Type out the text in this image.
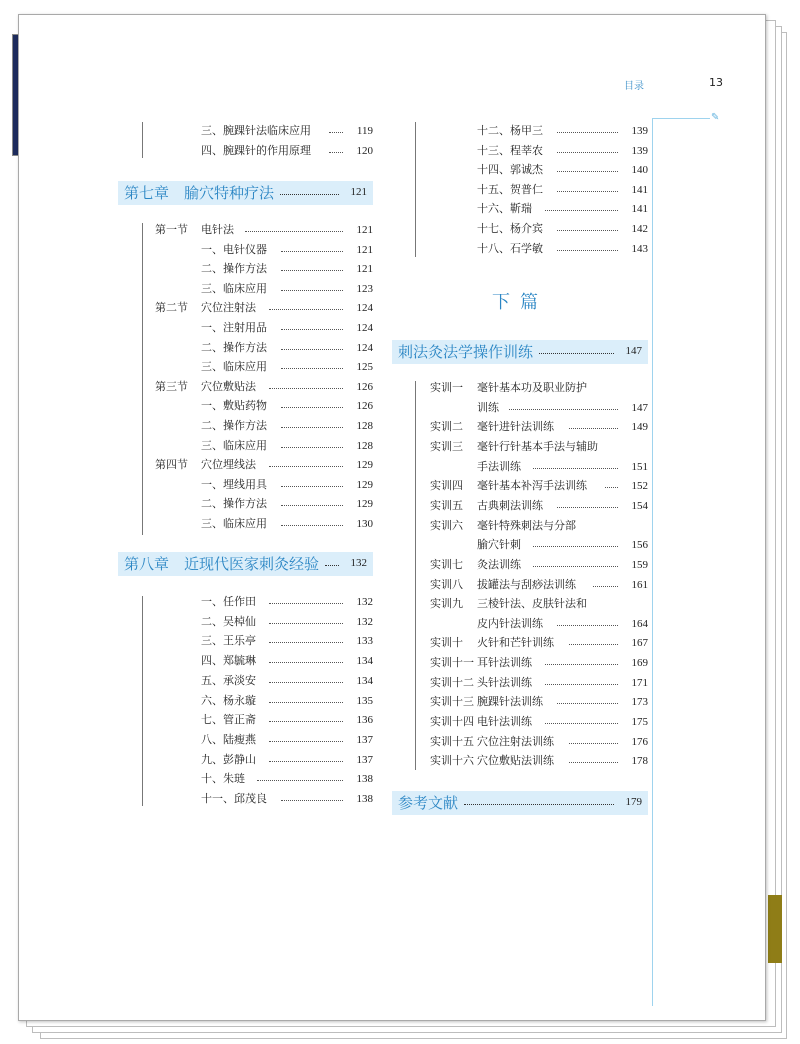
目录	13
✎
三、腕踝针法临床应用	119
四、腕踝针的作用原理	120
第七章　腧穴特种疗法	121
第一节 电针法	121
一、电针仪器	121
二、操作方法	121
三、临床应用	123
第二节 穴位注射法	124
一、注射用品	124
二、操作方法	124
三、临床应用	125
第三节 穴位敷贴法	126
一、敷贴药物	126
二、操作方法	128
三、临床应用	128
第四节 穴位埋线法	129
一、埋线用具	129
二、操作方法	129
三、临床应用	130
第八章　近现代医家刺灸经验	132
一、任作田	132
二、吴棹仙	132
三、王乐亭	133
四、郑毓琳	134
五、承淡安	134
六、杨永璇	135
七、管正斋	136
八、陆瘦燕	137
九、彭静山	137
十、朱琏	138
十一、邱茂良	138
十二、杨甲三	139
十三、程莘农	139
十四、郭诚杰	140
十五、贺普仁	141
十六、靳瑞	141
十七、杨介宾	142
十八、石学敏	143
下篇
刺法灸法学操作训练	147
实训一 毫针基本功及职业防护
训练	147
实训二 毫针进针法训练	149
实训三 毫针行针基本手法与辅助
手法训练	151
实训四 毫针基本补泻手法训练	152
实训五 古典刺法训练	154
实训六 毫针特殊刺法与分部
腧穴针刺	156
实训七 灸法训练	159
实训八 拔罐法与刮痧法训练	161
实训九 三棱针法、皮肤针法和
皮内针法训练	164
实训十 火针和芒针训练	167
实训十一 耳针法训练	169
实训十二 头针法训练	171
实训十三 腕踝针法训练	173
实训十四 电针法训练	175
实训十五 穴位注射法训练	176
实训十六 穴位敷贴法训练	178
参考文献	179
